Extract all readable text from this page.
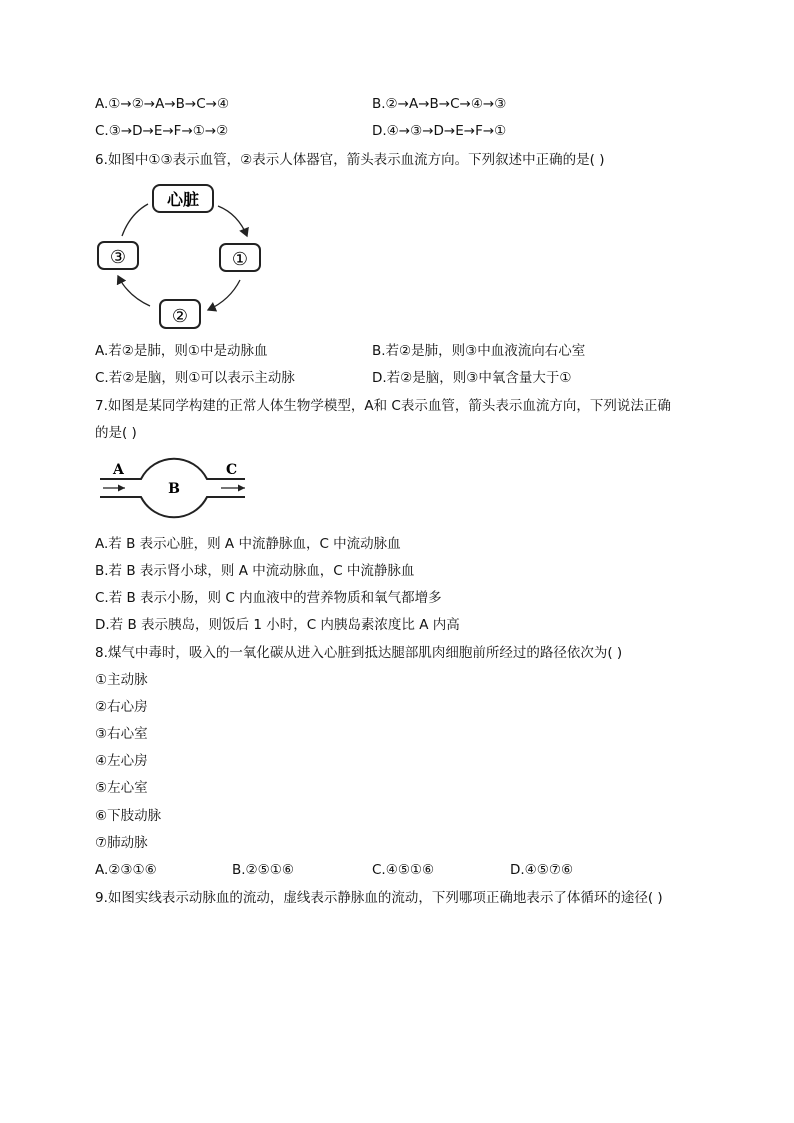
A.①→②→A→B→C→④	B.②→A→B→C→④→③
C.③→D→E→F→①→②	D.④→③→D→E→F→①
6.如图中①③表示血管，②表示人体器官，箭头表示血流方向。下列叙述中正确的是( )
心脏
①
③
②
A.若②是肺，则①中是动脉血	B.若②是肺，则③中血液流向右心室
C.若②是脑，则①可以表示主动脉	D.若②是脑，则③中氧含量大于①
7.如图是某同学构建的正常人体生物学模型，A和 C表示血管，箭头表示血流方向，下列说法正确
的是( )
A
B
C
A.若 B 表示心脏，则 A 中流静脉血，C 中流动脉血
B.若 B 表示肾小球，则 A 中流动脉血，C 中流静脉血
C.若 B 表示小肠，则 C 内血液中的营养物质和氧气都增多
D.若 B 表示胰岛，则饭后 1 小时，C 内胰岛素浓度比 A 内高
8.煤气中毒时，吸入的一氧化碳从进入心脏到抵达腿部肌肉细胞前所经过的路径依次为( )
①主动脉
②右心房
③右心室
④左心房
⑤左心室
⑥下肢动脉
⑦肺动脉
A.②③①⑥	B.②⑤①⑥	C.④⑤①⑥	D.④⑤⑦⑥
9.如图实线表示动脉血的流动，虚线表示静脉血的流动，下列哪项正确地表示了体循环的途径( )
